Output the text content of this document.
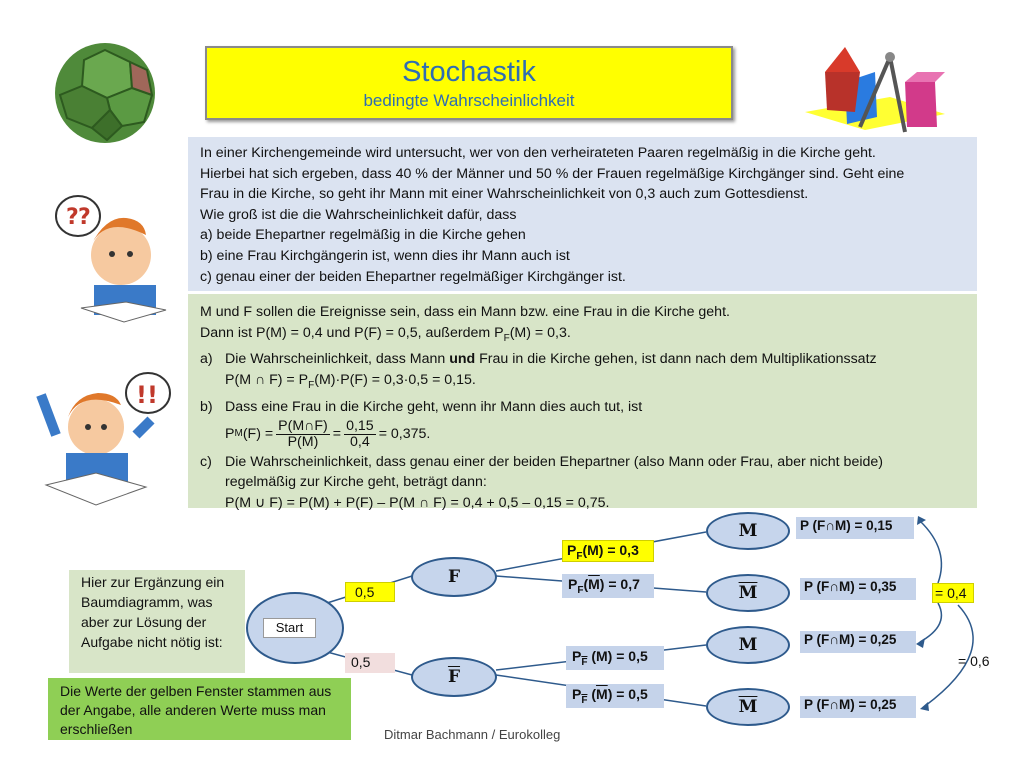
Stochastik
bedingte Wahrscheinlichkeit
? ?
!!
In einer Kirchengemeinde wird untersucht, wer von den verheirateten Paaren regelmäßig in die Kirche geht.
Hierbei hat sich ergeben, dass 40 % der Männer und 50 % der Frauen regelmäßige Kirchgänger sind. Geht eine
Frau in die Kirche, so geht ihr Mann mit einer Wahrscheinlichkeit von 0,3 auch zum Gottesdienst.
Wie groß ist die die Wahrscheinlichkeit dafür, dass
a) beide Ehepartner regelmäßig in die Kirche gehen
b) eine Frau Kirchgängerin ist, wenn dies ihr Mann auch ist
c) genau einer der beiden Ehepartner regelmäßiger Kirchgänger ist.
M und F sollen die Ereignisse sein, dass ein Mann bzw. eine Frau in die Kirche geht.
Dann ist P(M) = 0,4 und P(F) = 0,5, außerdem $P_F(M) = 0,3$.
a) Die Wahrscheinlichkeit, dass Mann und Frau in die Kirche gehen, ist dann nach dem Multiplikationssatz
P(M ∩ $F) = P_F(M)\cdot P(F) = 0,3\cdot 0,5 = 0,15$.
b) Dass eine Frau in die Kirche geht, wenn ihr Mann dies auch tut, ist
P M $(F) = \frac{P(M\cap F)}{P(M)} = \frac{0,15}{0,4} = 0,375$.
c) Die Wahrscheinlichkeit, dass genau einer der beiden Ehepartner (also Mann oder Frau, aber nicht beide)
regelmäßig zur Kirche geht, beträgt dann:
P(M ∪ F) = P(M) + P(F) – P(M ∩ F) = 0,4 + 0,5 – 0,15 = 0,75.
Start
F
$\overline{F}$
M
$\overline{M}$
M
$\overline{M}$
0,5
0,5
$P_F(M) = 0,3$
$P_F(\overline{M}) = 0,7$
$P_{\overline{F}}$ (M) = 0,5
$P_{\overline{F}}$ $(\overline{M}) = 0,5$
P (F∩M) = 0,15
P (F∩M) = 0,35
P (F∩M) = 0,25
P (F∩M) = 0,25
= 0,4
= 0,6
Hier zur Ergänzung ein Baumdiagramm, was aber zur Lösung der Aufgabe nicht nötig ist:
Die Werte der gelben Fenster stammen aus der Angabe, alle anderen Werte muss man erschließen	Ditmar Bachmann / Eurokolleg
